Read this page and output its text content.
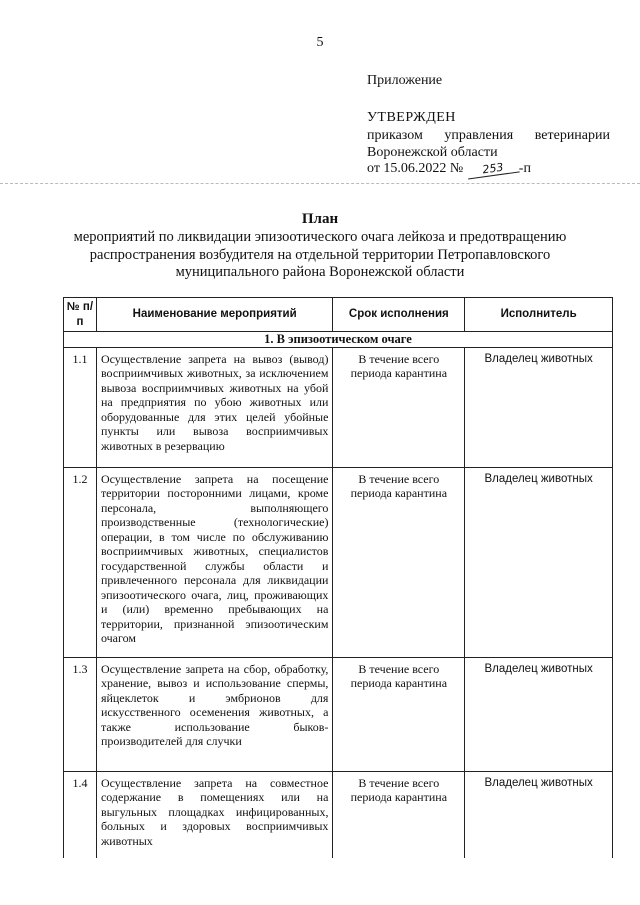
5
Приложение
УТВЕРЖДЕН
приказом управления ветеринарии
Воронежской области
от 15.06.2022 № 253 -п
План
мероприятий по ликвидации эпизоотического очага лейкоза и предотвращению распространения возбудителя на отдельной территории Петропавловского муниципального района Воронежской области
№ п/п	Наименование мероприятий	Срок исполнения	Исполнитель
1. В эпизоотическом очаге			
1.1	Осуществление запрета на вывоз (вывод) восприимчивых животных, за исключением вывоза восприимчивых животных на убой на предприятия по убою животных или оборудованные для этих целей убойные пункты или вывоза восприимчивых животных в резервацию	В течение всего периода карантина	Владелец животных
1.2	Осуществление запрета на посещение территории посторонними лицами, кроме персонала, выполняющего производственные (технологические) операции, в том числе по обслуживанию восприимчивых животных, специалистов государственной службы области и привлеченного персонала для ликвидации эпизоотического очага, лиц, проживающих и (или) временно пребывающих на территории, признанной эпизоотическим очагом	В течение всего периода карантина	Владелец животных
1.3	Осуществление запрета на сбор, обработку, хранение, вывоз и использование спермы, яйцеклеток и эмбрионов для искусственного осеменения животных, а также использование быков-производителей для случки	В течение всего периода карантина	Владелец животных
1.4	Осуществление запрета на совместное содержание в помещениях или на выгульных площадках инфицированных, больных и здоровых восприимчивых животных	В течение всего периода карантина	Владелец животных
